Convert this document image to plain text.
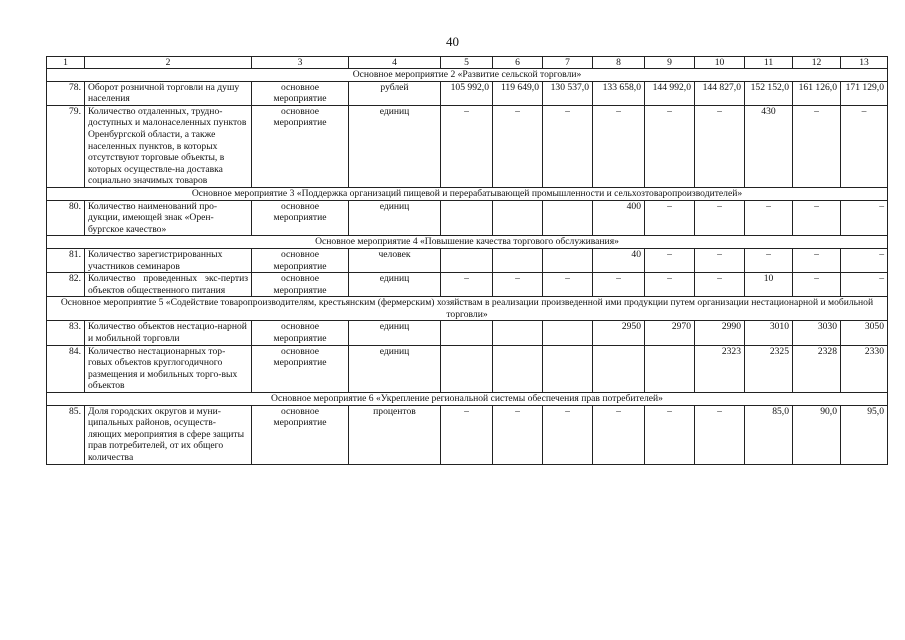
40
1	2	3	4	5	6	7	8	9	10	11	12	13
Основное мероприятие 2 «Развитие сельской торговли»												
78.	Оборот розничной торговли на душу населения	основное мероприятие	рублей	105 992,0	119 649,0	130 537,0	133 658,0	144 992,0	144 827,0	152 152,0	161 126,0	171 129,0
79.	Количество отдаленных, трудно-доступных и малонаселенных пунктов Оренбургской области, а также населенных пунктов, в которых отсутствуют торговые объекты, в которых осуществле-на доставка социально значимых товаров	основное мероприятие	единиц	–	–	–	–	–	–	430	–	–
Основное мероприятие 3 «Поддержка организаций пищевой и перерабатывающей промышленности и сельхозтоваропроизводителей»												
80.	Количество наименований про-дукции, имеющей знак «Орен-бургское качество»	основное мероприятие	единиц				400	–	–	–	–	–
Основное мероприятие 4 «Повышение качества торгового обслуживания»												
81.	Количество зарегистрированных участников семинаров	основное мероприятие	человек				40	–	–	–	–	–
82.	Количество проведенных экс-пертиз объектов общественного питания	основное мероприятие	единиц	–	–	–	–	–	–	10	–	–
Основное мероприятие 5 «Содействие товаропроизводителям, крестьянским (фермерским) хозяйствам в реализации произведенной ими продукции путем организации нестационарной и мобильной торговли»												
83.	Количество объектов нестацио-нарной и мобильной торговли	основное мероприятие	единиц				2950	2970	2990	3010	3030	3050
84.	Количество нестационарных тор-говых объектов круглогодичного размещения и мобильных торго-вых объектов	основное мероприятие	единиц						2323	2325	2328	2330
Основное мероприятие 6 «Укрепление региональной системы обеспечения прав потребителей»												
85.	Доля городских округов и муни-ципальных районов, осуществ-ляющих мероприятия в сфере защиты прав потребителей, от их общего количества	основное мероприятие	процентов	–	–	–	–	–	–	85,0	90,0	95,0
